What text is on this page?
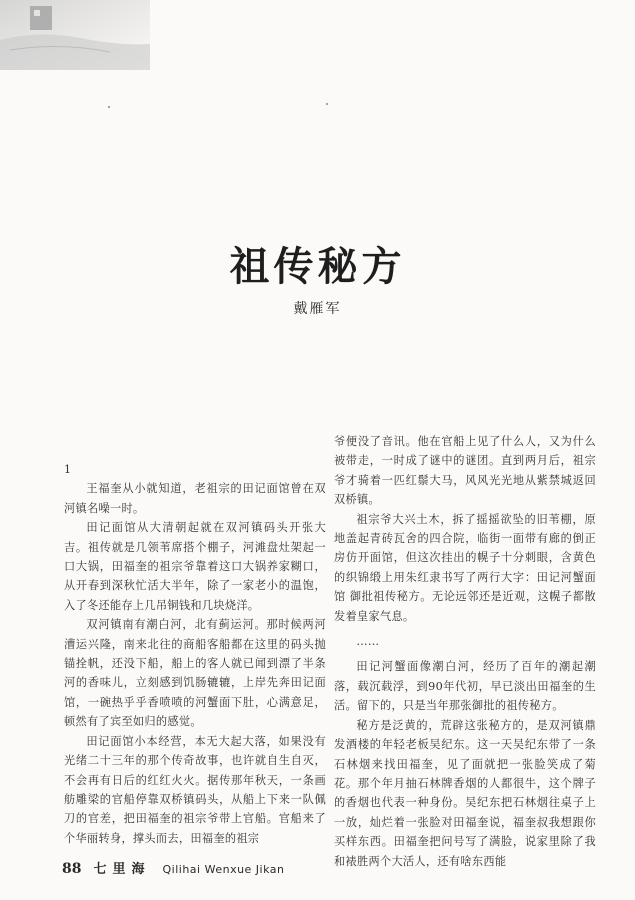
祖传秘方
戴雁军

1

王福奎从小就知道，老祖宗的田记面馆曾在双河镇名噪一时。

田记面馆从大清朝起就在双河镇码头开张大吉。祖传就是几领苇席搭个棚子，河滩盘灶架起一口大锅，田福奎的祖宗爷靠着这口大锅养家糊口，从开春到深秋忙活大半年，除了一家老小的温饱，入了冬还能存上几吊铜钱和几块烧洋。

双河镇南有潮白河，北有蓟运河。那时候两河漕运兴隆，南来北往的商船客船都在这里的码头抛锚拴帆，还没下船，船上的客人就已闻到漂了半条河的香味儿，立刻感到饥肠辘辘，上岸先奔田记面馆，一碗热乎乎香喷喷的河蟹面下肚，心满意足，顿然有了宾至如归的感觉。

田记面馆小本经营，本无大起大落，如果没有光绪二十三年的那个传奇故事，也许就自生自灭，不会再有日后的红红火火。据传那年秋天，一条画舫雕梁的官船停靠双桥镇码头，从船上下来一队佩刀的官差，把田福奎的祖宗爷带上官船。官船来了个华丽转身，撑头而去，田福奎的祖宗

爷便没了音讯。他在官船上见了什么人，又为什么被带走，一时成了谜中的谜团。直到两月后，祖宗爷才骑着一匹红鬃大马，风风光光地从紫禁城返回双桥镇。

祖宗爷大兴土木，拆了摇摇欲坠的旧苇棚，原地盖起青砖瓦舍的四合院，临街一面带有廊的倒正房仿开面馆，但这次挂出的幌子十分刺眼，含黄色的织锦缎上用朱红隶书写了两行大字：田记河蟹面馆 御批祖传秘方。无论远邻还是近观，这幌子都散发着皇家气息。

……

田记河蟹面像潮白河，经历了百年的潮起潮落，载沉载浮，到90年代初，早已淡出田福奎的生活。留下的，只是当年那张御批的祖传秘方。

秘方是泛黄的，荒辟这张秘方的，是双河镇鼎发酒楼的年轻老板吴纪东。这一天吴纪东带了一条石林烟来找田福奎，见了面就把一张脸笑成了菊花。那个年月抽石林牌香烟的人都很牛，这个牌子的香烟也代表一种身份。吴纪东把石林烟往桌子上一放，灿烂着一张脸对田福奎说，福奎叔我想跟你买样东西。田福奎把问号写了满脸，说家里除了我和裱胜两个大活人，还有啥东西能

88 七里海 Qilihai Wenxue Jikan
